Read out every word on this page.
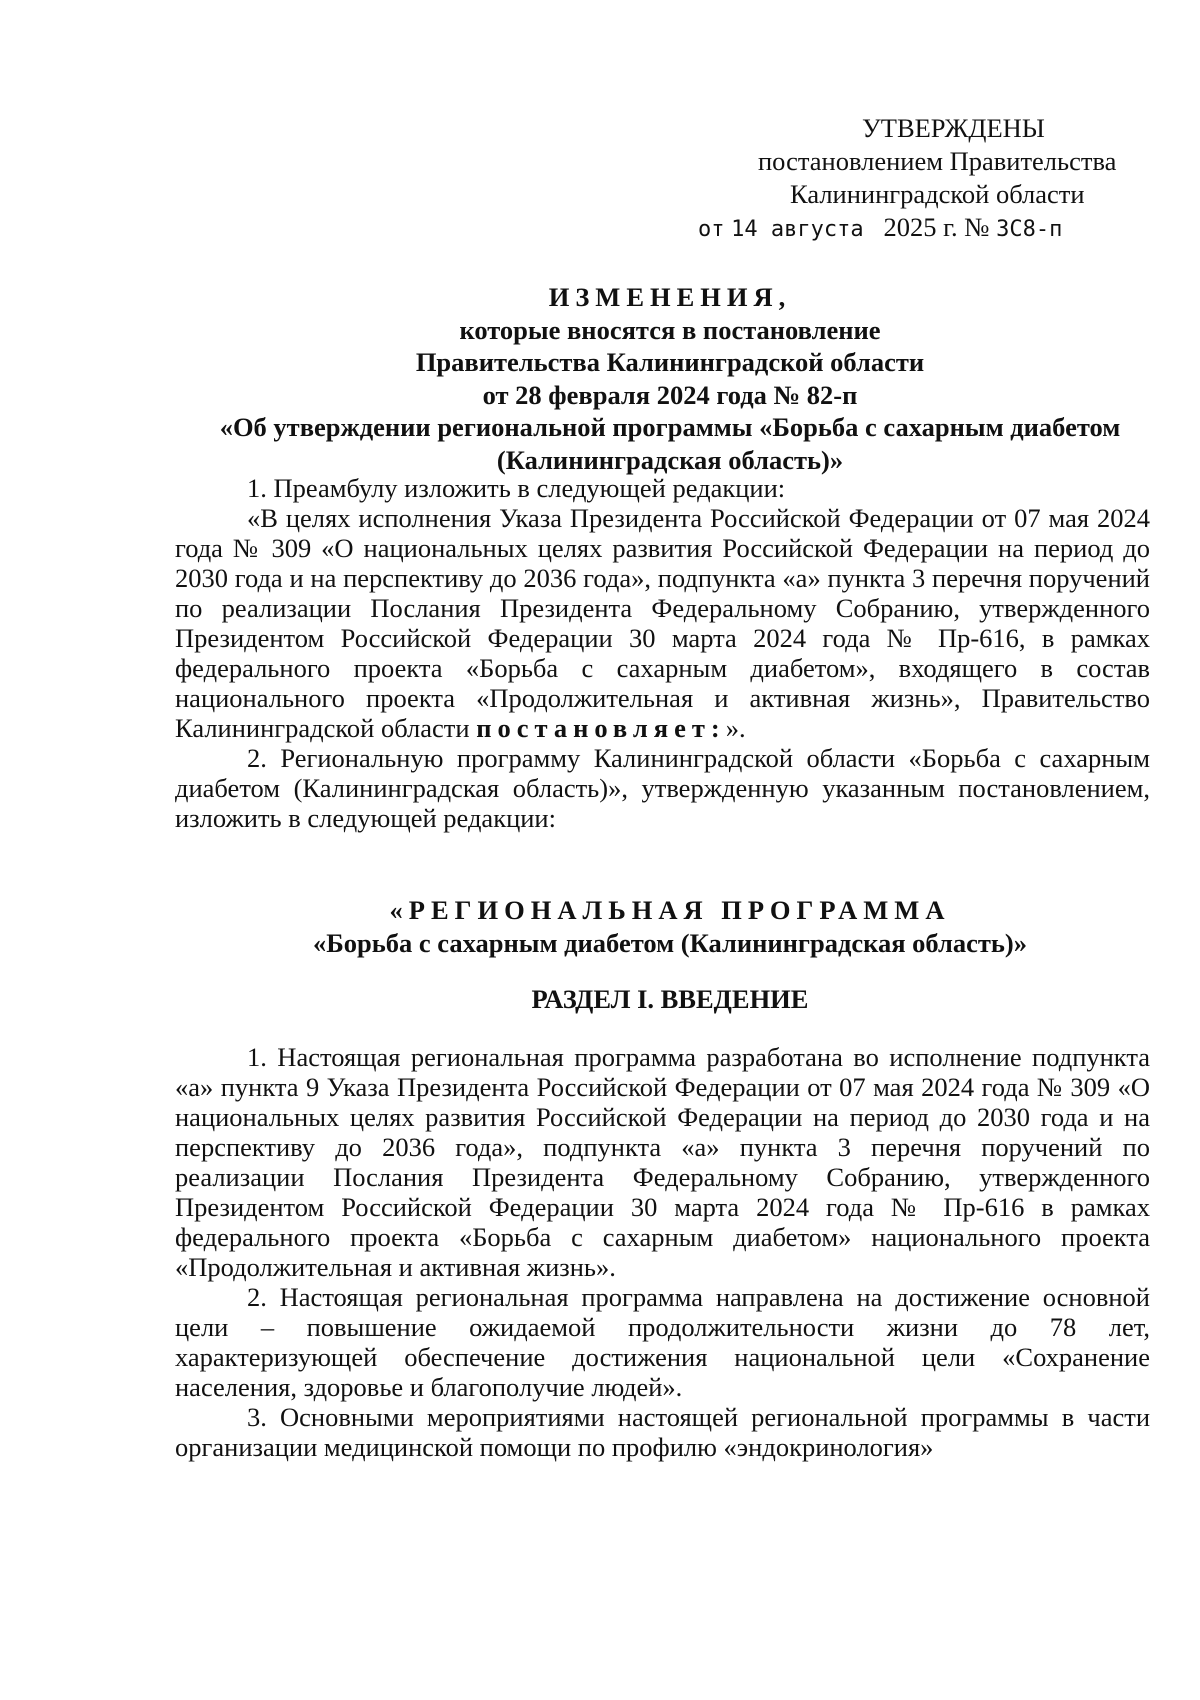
УТВЕРЖДЕНЫ
постановлением Правительства
Калининградской области
от 14 августа 2025 г. № 3С8-п
ИЗМЕНЕНИЯ,
которые вносятся в постановление
Правительства Калининградской области
от 28 февраля 2024 года № 82-п
«Об утверждении региональной программы «Борьба с сахарным диабетом
(Калининградская область)»

1. Преамбулу изложить в следующей редакции:

«В целях исполнения Указа Президента Российской Федерации от 07 мая 2024 года № 309 «О национальных целях развития Российской Федерации на период до 2030 года и на перспективу до 2036 года», подпункта «а» пункта 3 перечня поручений по реализации Послания Президента Федеральному Собранию, утвержденного Президентом Российской Федерации 30 марта 2024 года № Пр-616, в рамках федерального проекта «Борьба с сахарным диабетом», входящего в состав национального проекта «Продолжительная и активная жизнь», Правительство Калининградской области постановляет:».

2. Региональную программу Калининградской области «Борьба с сахарным диабетом (Калининградская область)», утвержденную указанным постановлением, изложить в следующей редакции:

«РЕГИОНАЛЬНАЯ ПРОГРАММА
«Борьба с сахарным диабетом (Калининградская область)»
РАЗДЕЛ I. ВВЕДЕНИЕ

1. Настоящая региональная программа разработана во исполнение подпункта «а» пункта 9 Указа Президента Российской Федерации от 07 мая 2024 года № 309 «О национальных целях развития Российской Федерации на период до 2030 года и на перспективу до 2036 года», подпункта «а» пункта 3 перечня поручений по реализации Послания Президента Федеральному Собранию, утвержденного Президентом Российской Федерации 30 марта 2024 года № Пр-616 в рамках федерального проекта «Борьба с сахарным диабетом» национального проекта «Продолжительная и активная жизнь».

2. Настоящая региональная программа направлена на достижение основной цели – повышение ожидаемой продолжительности жизни до 78 лет, характеризующей обеспечение достижения национальной цели «Сохранение населения, здоровье и благополучие людей».

3. Основными мероприятиями настоящей региональной программы в части организации медицинской помощи по профилю «эндокринология»
